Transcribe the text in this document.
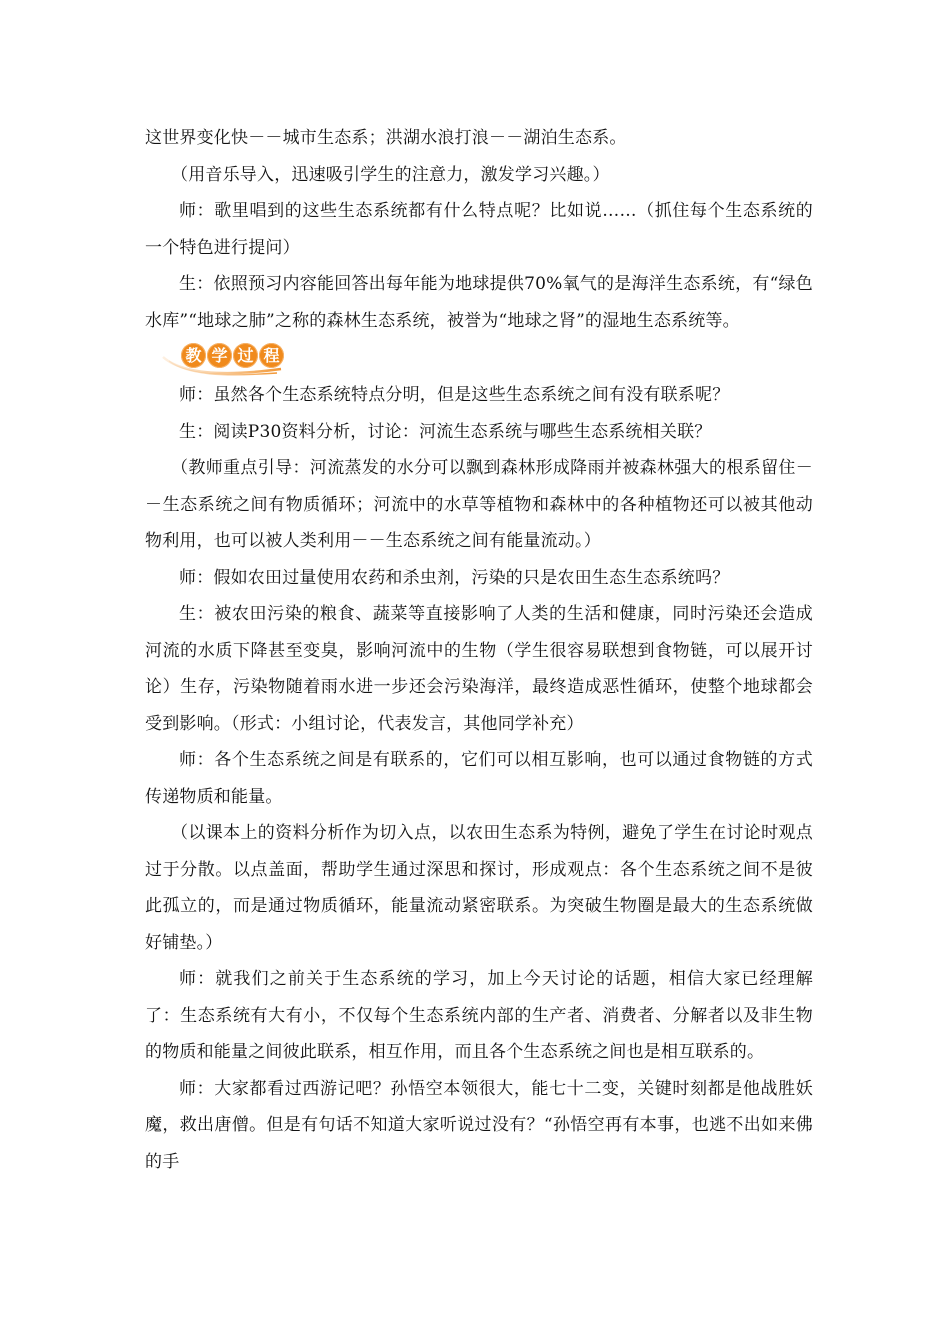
这世界变化快－－城市生态系；洪湖水浪打浪－－湖泊生态系。

（用音乐导入，迅速吸引学生的注意力，激发学习兴趣。）

师：歌里唱到的这些生态系统都有什么特点呢？比如说……（抓住每个生态系统的一个特色进行提问）

生：依照预习内容能回答出每年能为地球提供70%氧气的是海洋生态系统，有“绿色水库”“地球之肺”之称的森林生态系统，被誉为“地球之肾”的湿地生态系统等。

教 学 过 程

师：虽然各个生态系统特点分明，但是这些生态系统之间有没有联系呢？

生：阅读P30资料分析，讨论：河流生态系统与哪些生态系统相关联？

（教师重点引导：河流蒸发的水分可以飘到森林形成降雨并被森林强大的根系留住－－生态系统之间有物质循环；河流中的水草等植物和森林中的各种植物还可以被其他动物利用，也可以被人类利用－－生态系统之间有能量流动。）

师：假如农田过量使用农药和杀虫剂，污染的只是农田生态生态系统吗？

生：被农田污染的粮食、蔬菜等直接影响了人类的生活和健康，同时污染还会造成河流的水质下降甚至变臭，影响河流中的生物（学生很容易联想到食物链，可以展开讨论）生存，污染物随着雨水进一步还会污染海洋，最终造成恶性循环，使整个地球都会受到影响。（形式：小组讨论，代表发言，其他同学补充）

师：各个生态系统之间是有联系的，它们可以相互影响，也可以通过食物链的方式传递物质和能量。

（以课本上的资料分析作为切入点，以农田生态系为特例，避免了学生在讨论时观点过于分散。以点盖面，帮助学生通过深思和探讨，形成观点：各个生态系统之间不是彼此孤立的，而是通过物质循环，能量流动紧密联系。为突破生物圈是最大的生态系统做好铺垫。）

师：就我们之前关于生态系统的学习，加上今天讨论的话题，相信大家已经理解了：生态系统有大有小，不仅每个生态系统内部的生产者、消费者、分解者以及非生物的物质和能量之间彼此联系，相互作用，而且各个生态系统之间也是相互联系的。

师：大家都看过西游记吧？孙悟空本领很大，能七十二变，关键时刻都是他战胜妖魔，救出唐僧。但是有句话不知道大家听说过没有？“孙悟空再有本事，也逃不出如来佛的手
